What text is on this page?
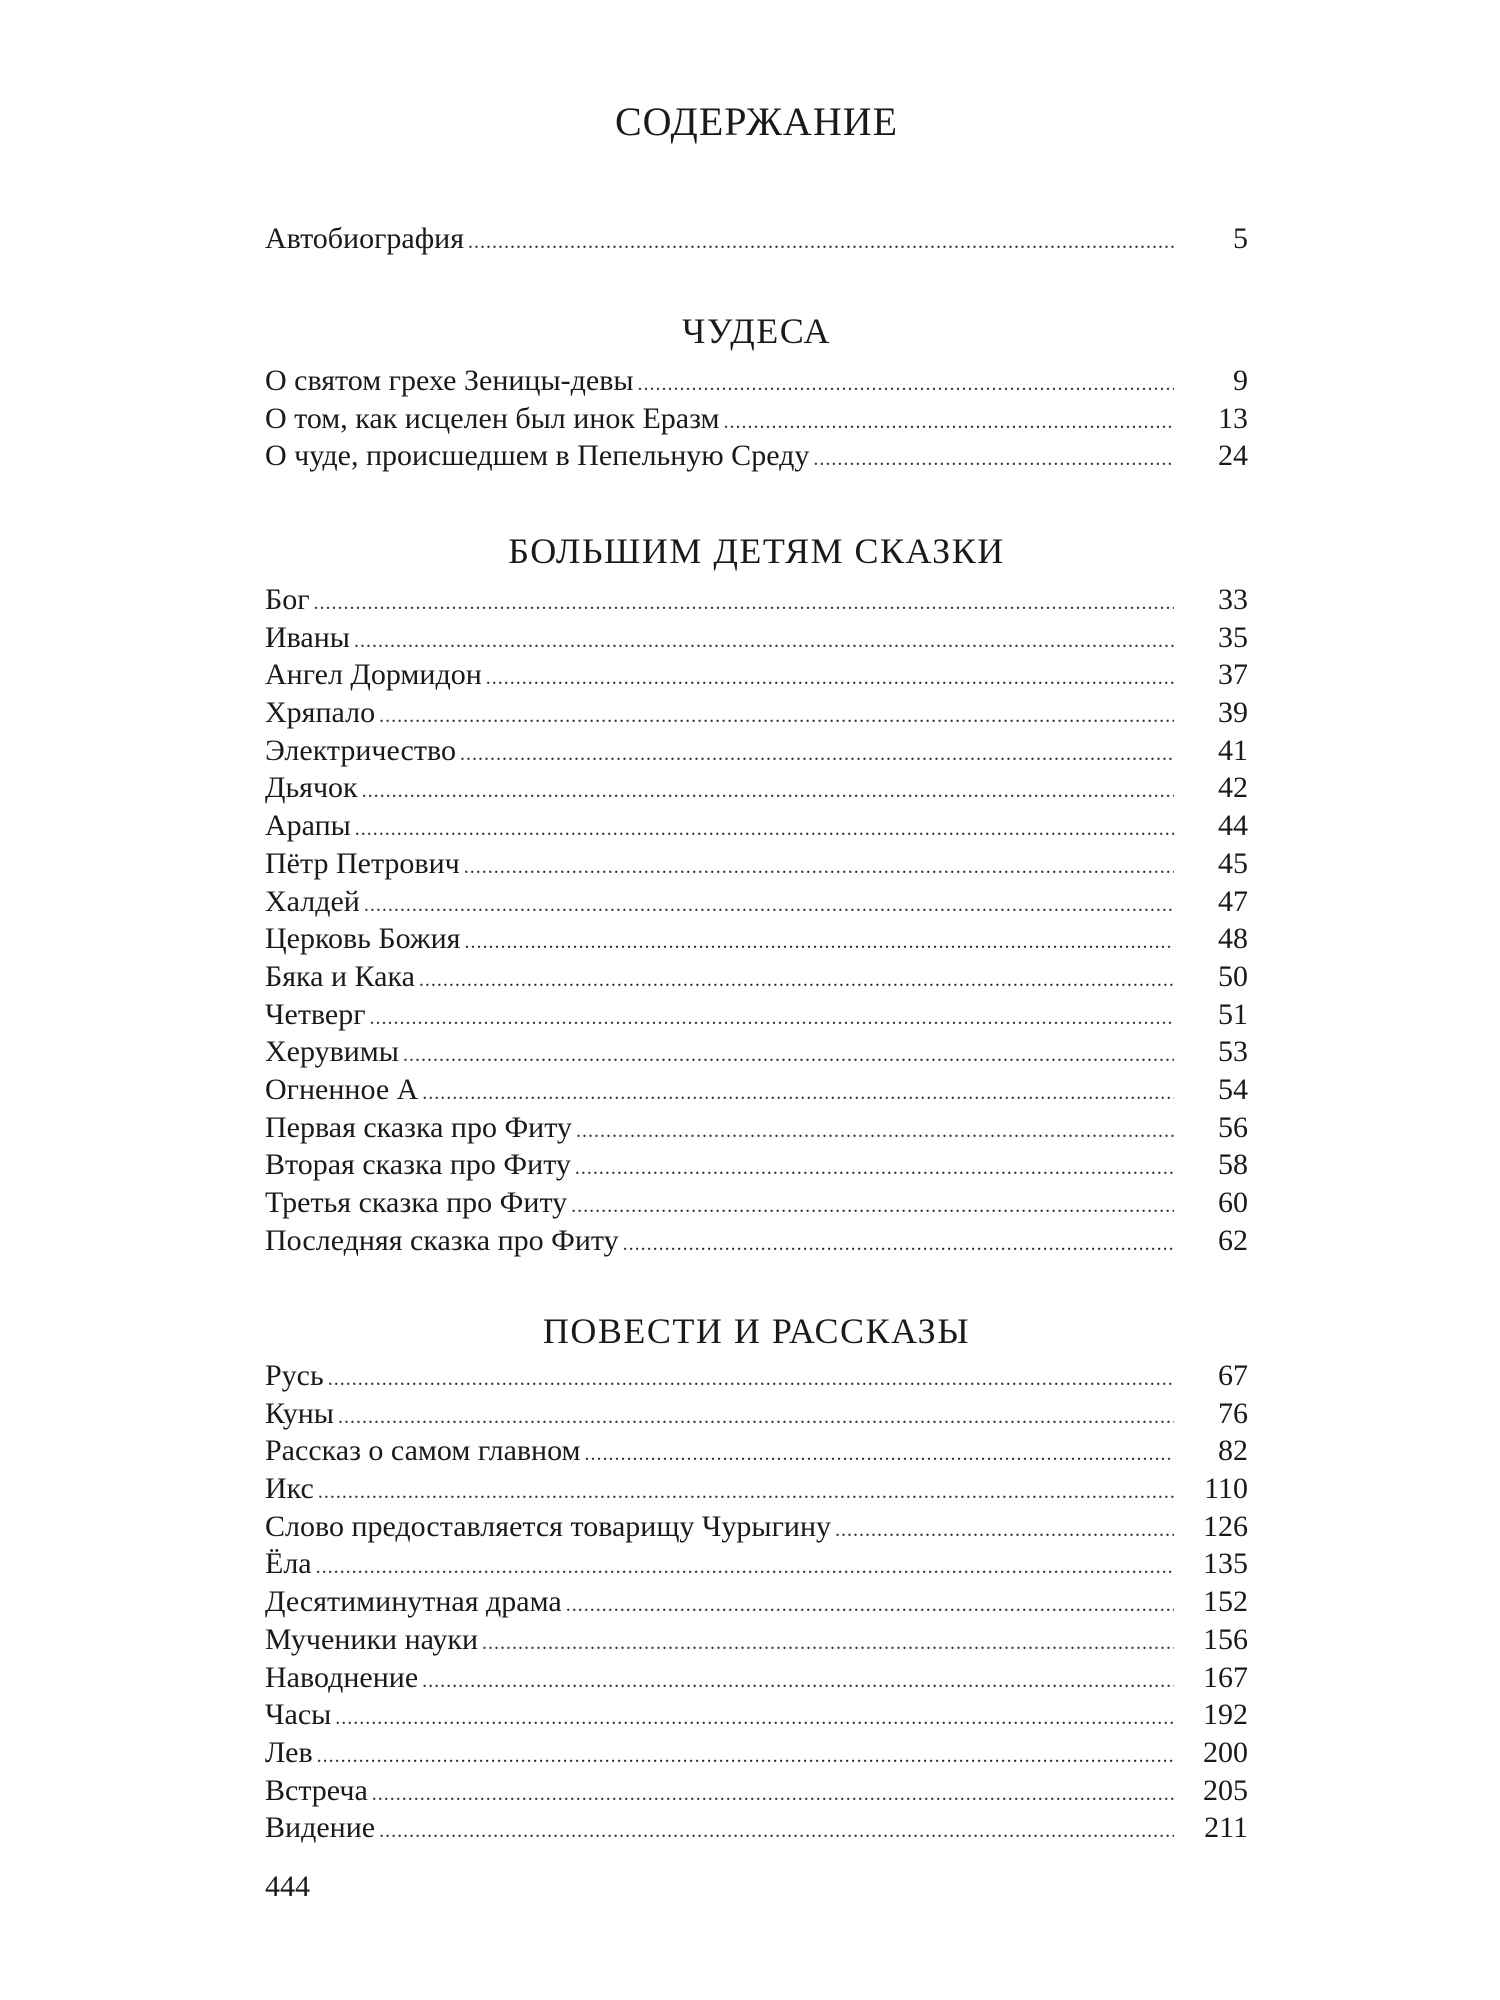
СОДЕРЖАНИЕ
Автобиография .....	5
ЧУДЕСА
О святом грехе Зеницы-девы .....	9
О том, как исцелен был инок Еразм .....	13
О чуде, происшедшем в Пепельную Среду .....	24
БОЛЬШИМ ДЕТЯМ СКАЗКИ
Бог .....	33
Иваны .....	35
Ангел Дормидон .....	37
Хряпало .....	39
Электричество .....	41
Дьячок .....	42
Арапы .....	44
Пётр Петрович .....	45
Халдей .....	47
Церковь Божия .....	48
Бяка и Кака .....	50
Четверг .....	51
Херувимы .....	53
Огненное А .....	54
Первая сказка про Фиту .....	56
Вторая сказка про Фиту .....	58
Третья сказка про Фиту .....	60
Последняя сказка про Фиту .....	62
ПОВЕСТИ И РАССКАЗЫ
Русь .....	67
Куны .....	76
Рассказ о самом главном .....	82
Икс .....	110
Слово предоставляется товарищу Чурыгину .....	126
Ёла .....	135
Десятиминутная драма .....	152
Мученики науки .....	156
Наводнение .....	167
Часы .....	192
Лев .....	200
Встреча .....	205
Видение .....	211
444
